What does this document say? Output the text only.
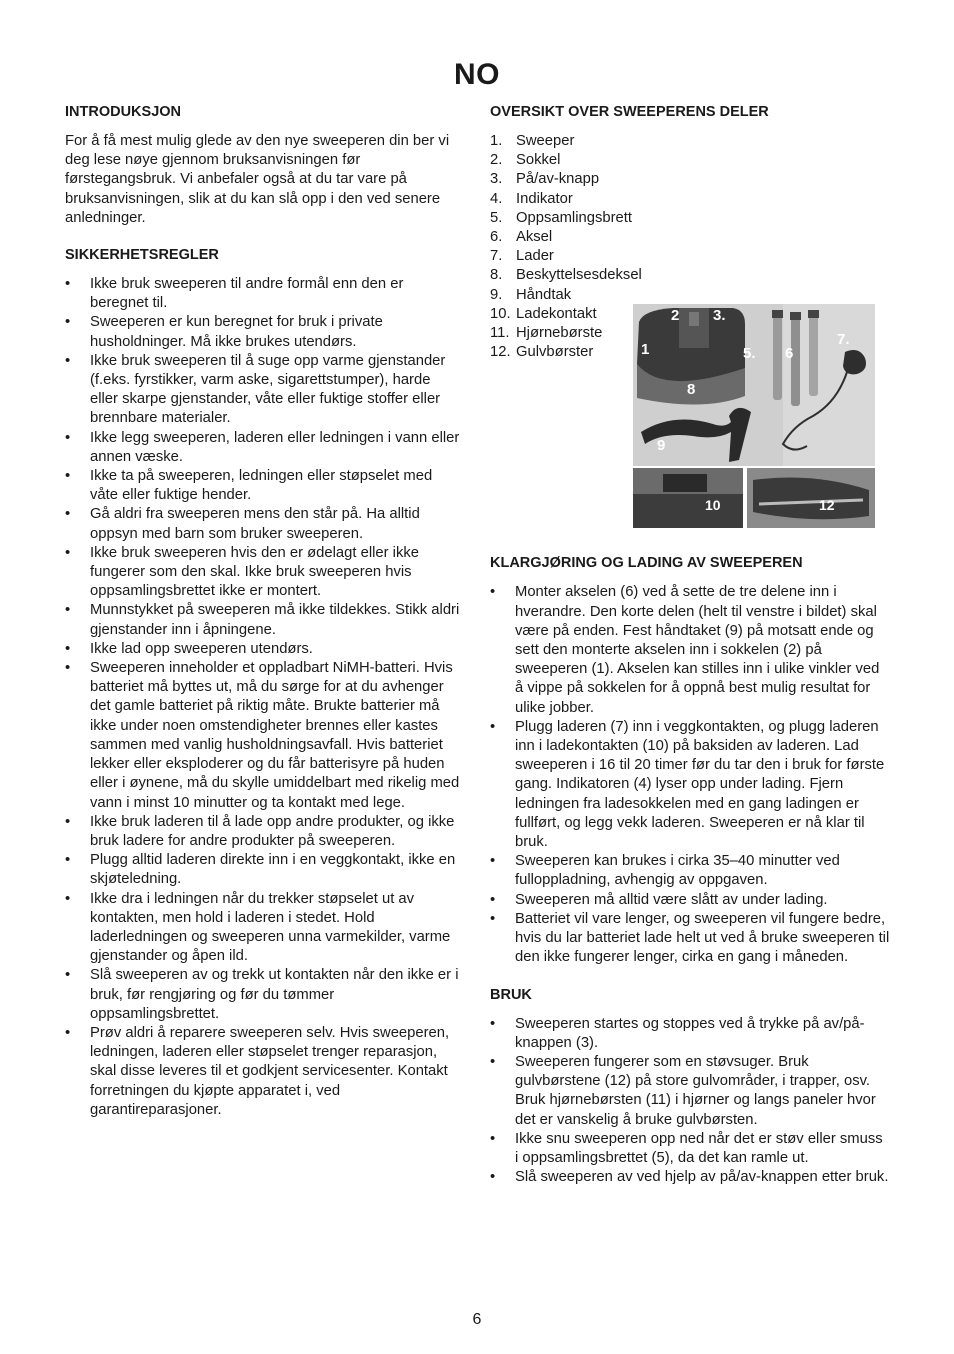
NO
INTRODUKSJON

For å få mest mulig glede av den nye sweeperen din ber vi deg lese nøye gjennom bruksanvisningen før førstegangsbruk. Vi anbefaler også at du tar vare på bruksanvisningen, slik at du kan slå opp i den ved senere anledninger.

SIKKERHETSREGLER
• Ikke bruk sweeperen til andre formål enn den er beregnet til.
• Sweeperen er kun beregnet for bruk i private husholdninger. Må ikke brukes utendørs.
• Ikke bruk sweeperen til å suge opp varme gjenstander (f.eks. fyrstikker, varm aske, sigarettstumper), harde eller skarpe gjenstander, våte eller fuktige stoffer eller brennbare materialer.
• Ikke legg sweeperen, laderen eller ledningen i vann eller annen væske.
• Ikke ta på sweeperen, ledningen eller støpselet med våte eller fuktige hender.
• Gå aldri fra sweeperen mens den står på. Ha alltid oppsyn med barn som bruker sweeperen.
• Ikke bruk sweeperen hvis den er ødelagt eller ikke fungerer som den skal. Ikke bruk sweeperen hvis oppsamlingsbrettet ikke er montert.
• Munnstykket på sweeperen må ikke tildekkes. Stikk aldri gjenstander inn i åpningene.
• Ikke lad opp sweeperen utendørs.
• Sweeperen inneholder et oppladbart NiMH-batteri. Hvis batteriet må byttes ut, må du sørge for at du avhenger det gamle batteriet på riktig måte. Brukte batterier må ikke under noen omstendigheter brennes eller kastes sammen med vanlig husholdningsavfall. Hvis batteriet lekker eller eksploderer og du får batterisyre på huden eller i øynene, må du skylle umiddelbart med rikelig med vann i minst 10 minutter og ta kontakt med lege.
• Ikke bruk laderen til å lade opp andre produkter, og ikke bruk ladere for andre produkter på sweeperen.
• Plugg alltid laderen direkte inn i en veggkontakt, ikke en skjøteledning.
• Ikke dra i ledningen når du trekker støpselet ut av kontakten, men hold i laderen i stedet. Hold laderledningen og sweeperen unna varmekilder, varme gjenstander og åpen ild.
• Slå sweeperen av og trekk ut kontakten når den ikke er i bruk, før rengjøring og før du tømmer oppsamlingsbrettet.
• Prøv aldri å reparere sweeperen selv. Hvis sweeperen, ledningen, laderen eller støpselet trenger reparasjon, skal disse leveres til et godkjent servicesenter. Kontakt forretningen du kjøpte apparatet i, ved garantireparasjoner.
OVERSIKT OVER SWEEPERENS DELER
1. Sweeper
2. Sokkel
3. På/av-knapp
4. Indikator
5. Oppsamlingsbrett
6. Aksel
7. Lader
8. Beskyttelsesdeksel
9. Håndtak
10. Ladekontakt
11. Hjørnebørste
12. Gulvbørster
KLARGJØRING OG LADING AV SWEEPEREN
• Monter akselen (6) ved å sette de tre delene inn i hverandre. Den korte delen (helt til venstre i bildet) skal være på enden. Fest håndtaket (9) på motsatt ende og sett den monterte akselen inn i sokkelen (2) på sweeperen (1). Akselen kan stilles inn i ulike vinkler ved å vippe på sokkelen for å oppnå best mulig resultat for ulike jobber.
• Plugg laderen (7) inn i veggkontakten, og plugg laderen inn i ladekontakten (10) på baksiden av laderen. Lad sweeperen i 16 til 20 timer før du tar den i bruk for første gang. Indikatoren (4) lyser opp under lading. Fjern ledningen fra ladesokkelen med en gang ladingen er fullført, og legg vekk laderen. Sweeperen er nå klar til bruk.
• Sweeperen kan brukes i cirka 35–40 minutter ved fulloppladning, avhengig av oppgaven.
• Sweeperen må alltid være slått av under lading.
• Batteriet vil vare lenger, og sweeperen vil fungere bedre, hvis du lar batteriet lade helt ut ved å bruke sweeperen til den ikke fungerer lenger, cirka en gang i måneden.
BRUK
• Sweeperen startes og stoppes ved å trykke på av/på-knappen (3).
• Sweeperen fungerer som en støvsuger. Bruk gulvbørstene (12) på store gulvområder, i trapper, osv. Bruk hjørnebørsten (11) i hjørner og langs paneler hvor det er vanskelig å bruke gulvbørsten.
• Ikke snu sweeperen opp ned når det er støv eller smuss i oppsamlingsbrettet (5), da det kan ramle ut.
• Slå sweeperen av ved hjelp av på/av-knappen etter bruk.
2 3.
1	5. 6
7.
8
9
10	12
6
